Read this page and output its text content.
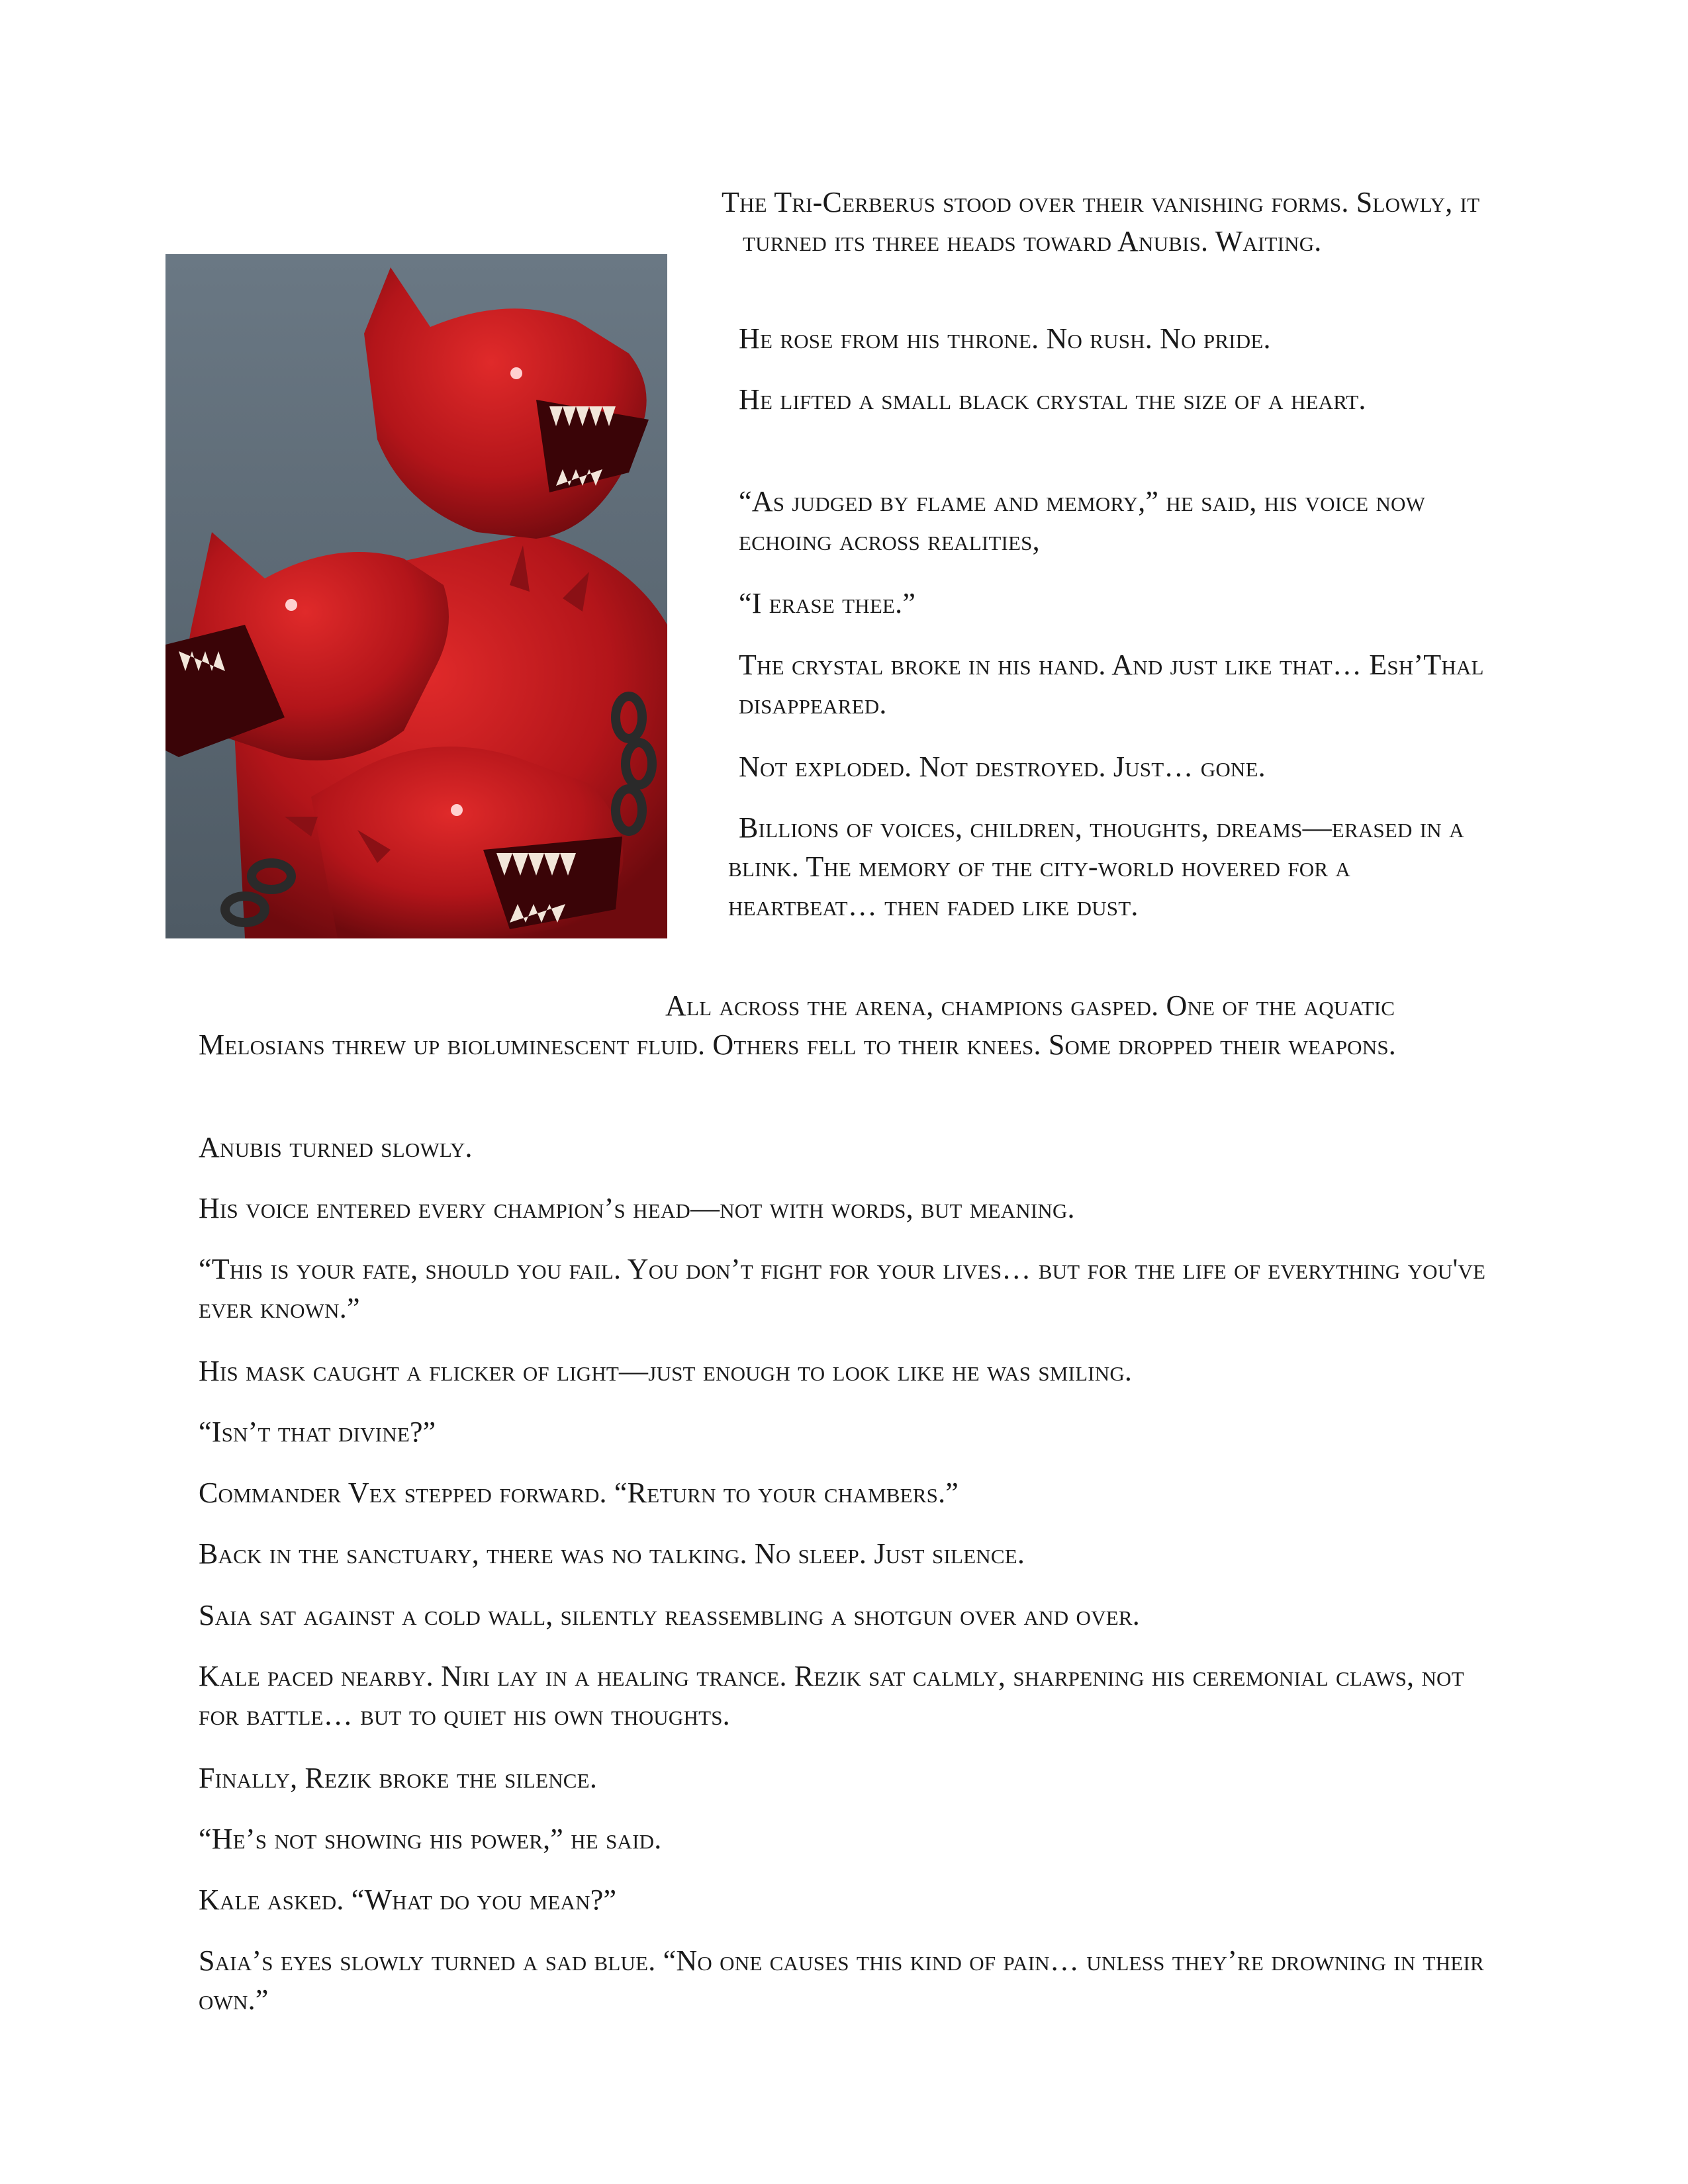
The Tri-Cerberus stood over their vanishing forms. Slowly, it turned its three heads toward Anubis. Waiting.

He rose from his throne. No rush. No pride.

He lifted a small black crystal the size of a heart.

“As judged by flame and memory,” he said, his voice now echoing across realities,

“I erase thee.”

The crystal broke in his hand. And just like that… Esh’Thal disappeared.

Not exploded. Not destroyed. Just… gone.

Billions of voices, children, thoughts, dreams—erased in a blink. The memory of the city-world hovered for a heartbeat… then faded like dust.

All across the arena, champions gasped. One of the aquatic Melosians threw up bioluminescent fluid. Others fell to their knees. Some dropped their weapons.

Anubis turned slowly.

His voice entered every champion’s head—not with words, but meaning.

“This is your fate, should you fail. You don’t fight for your lives… but for the life of everything you've ever known.”

His mask caught a flicker of light—just enough to look like he was smiling.

“Isn’t that divine?”

Commander Vex stepped forward. “Return to your chambers.”

Back in the sanctuary, there was no talking. No sleep. Just silence.

Saia sat against a cold wall, silently reassembling a shotgun over and over.

Kale paced nearby. Niri lay in a healing trance. Rezik sat calmly, sharpening his ceremonial claws, not for battle… but to quiet his own thoughts.

Finally, Rezik broke the silence.

“He’s not showing his power,” he said.

Kale asked. “What do you mean?”

Saia’s eyes slowly turned a sad blue. “No one causes this kind of pain… unless they’re drowning in their own.”
